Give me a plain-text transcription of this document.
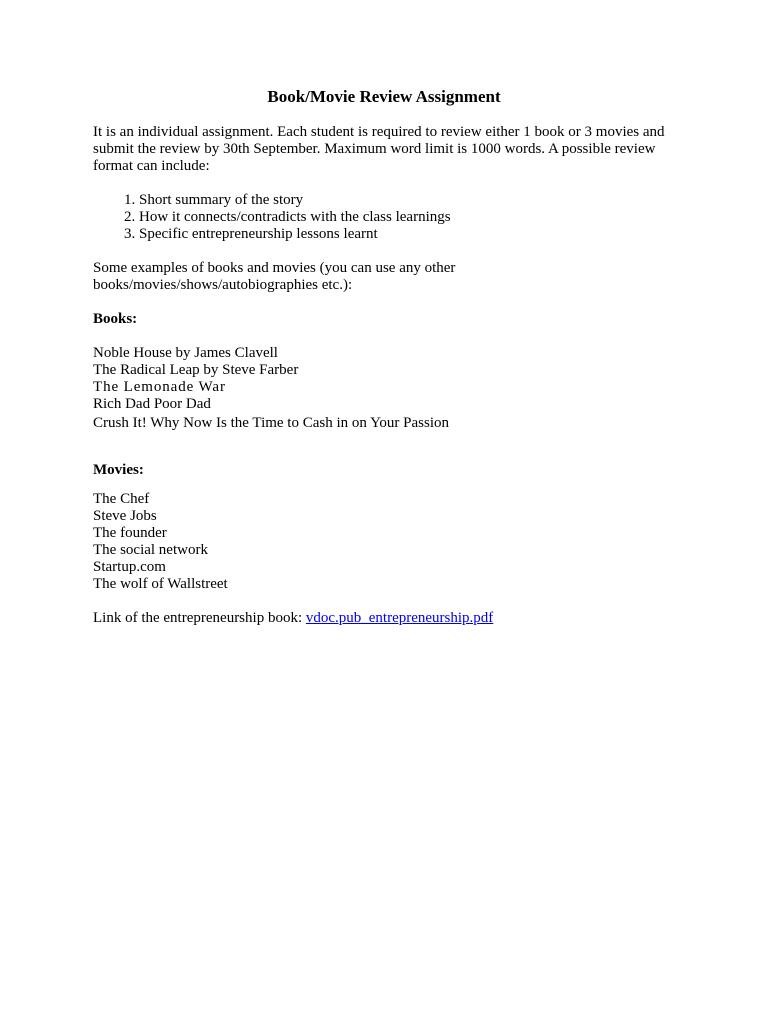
Book/Movie Review Assignment

It is an individual assignment. Each student is required to review either 1 book or 3 movies and submit the review by 30th September. Maximum word limit is 1000 words. A possible review format can include:

1. Short summary of the story
2. How it connects/contradicts with the class learnings
3. Specific entrepreneurship lessons learnt

Some examples of books and movies (you can use any other books/movies/shows/autobiographies etc.):

Books:
Noble House by James Clavell
The Radical Leap by Steve Farber
The Lemonade War
Rich Dad Poor Dad
Crush It! Why Now Is the Time to Cash in on Your Passion
Movies:
The Chef
Steve Jobs
The founder
The social network
Startup.com
The wolf of Wallstreet
Link of the entrepreneurship book: vdoc.pub_entrepreneurship.pdf
